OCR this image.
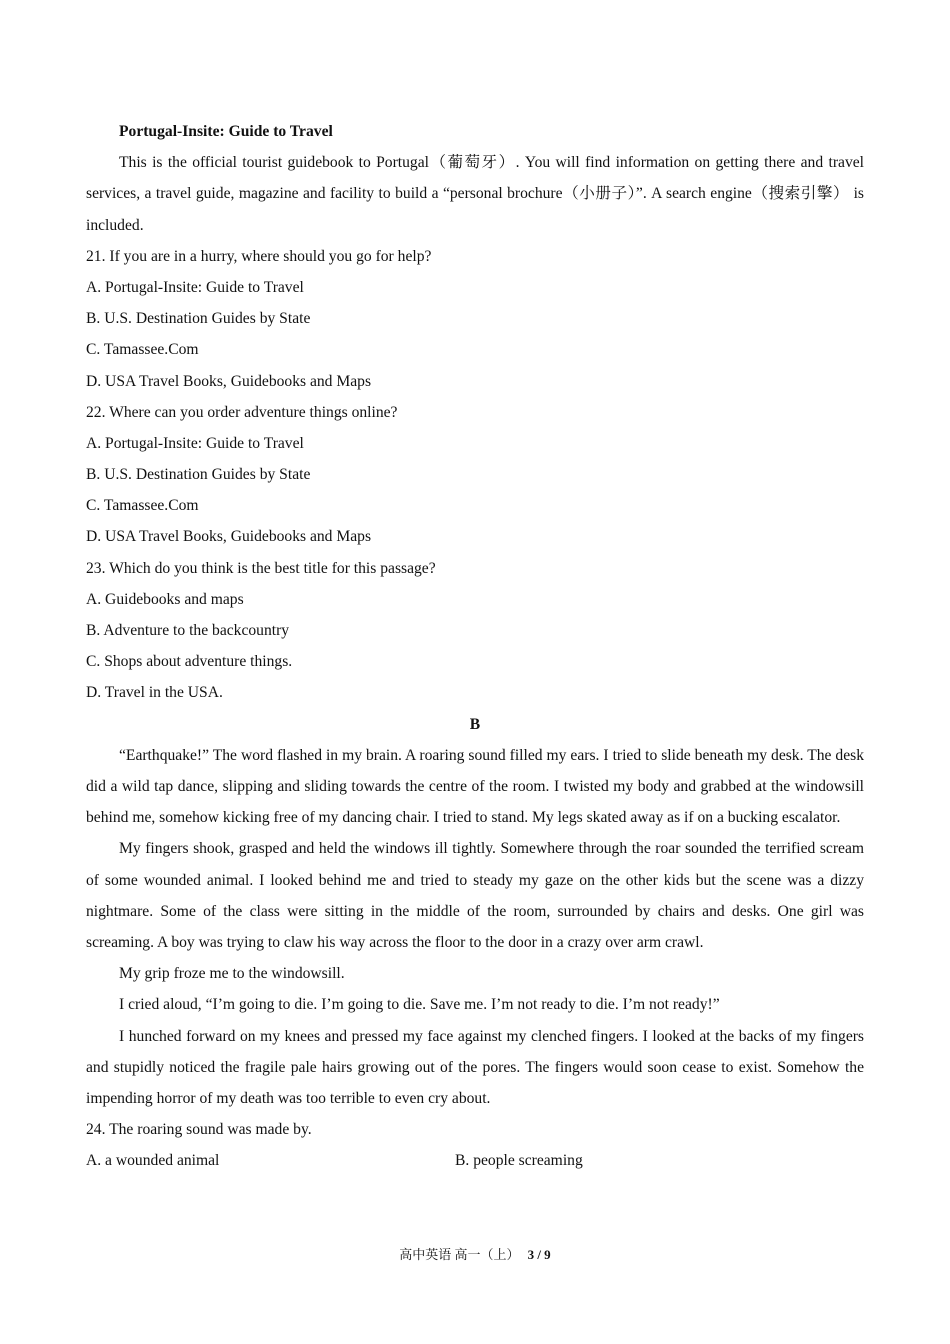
Portugal-Insite: Guide to Travel

This is the official tourist guidebook to Portugal（葡萄牙）. You will find information on getting there and travel services, a travel guide, magazine and facility to build a “personal brochure（小册子）”. A search engine（搜索引擎） is included.

21. If you are in a hurry, where should you go for help?
A. Portugal-Insite: Guide to Travel
B. U.S. Destination Guides by State
C. Tamassee.Com
D. USA Travel Books, Guidebooks and Maps
22. Where can you order adventure things online?
A. Portugal-Insite: Guide to Travel
B. U.S. Destination Guides by State
C. Tamassee.Com
D. USA Travel Books, Guidebooks and Maps
23. Which do you think is the best title for this passage?
A. Guidebooks and maps
B. Adventure to the backcountry
C. Shops about adventure things.
D. Travel in the USA.
B

“Earthquake!” The word flashed in my brain. A roaring sound filled my ears. I tried to slide beneath my desk. The desk did a wild tap dance, slipping and sliding towards the centre of the room. I twisted my body and grabbed at the windowsill behind me, somehow kicking free of my dancing chair. I tried to stand. My legs skated away as if on a bucking escalator.

My fingers shook, grasped and held the windows ill tightly. Somewhere through the roar sounded the terrified scream of some wounded animal. I looked behind me and tried to steady my gaze on the other kids but the scene was a dizzy nightmare. Some of the class were sitting in the middle of the room, surrounded by chairs and desks. One girl was screaming. A boy was trying to claw his way across the floor to the door in a crazy over arm crawl.

My grip froze me to the windowsill.

I cried aloud, “I’m going to die. I’m going to die. Save me. I’m not ready to die. I’m not ready!”

I hunched forward on my knees and pressed my face against my clenched fingers. I looked at the backs of my fingers and stupidly noticed the fragile pale hairs growing out of the pores. The fingers would soon cease to exist. Somehow the impending horror of my death was too terrible to even cry about.

24. The roaring sound was made by.
A. a wounded animal	B. people screaming
高中英语 高一（上） 3 / 9
